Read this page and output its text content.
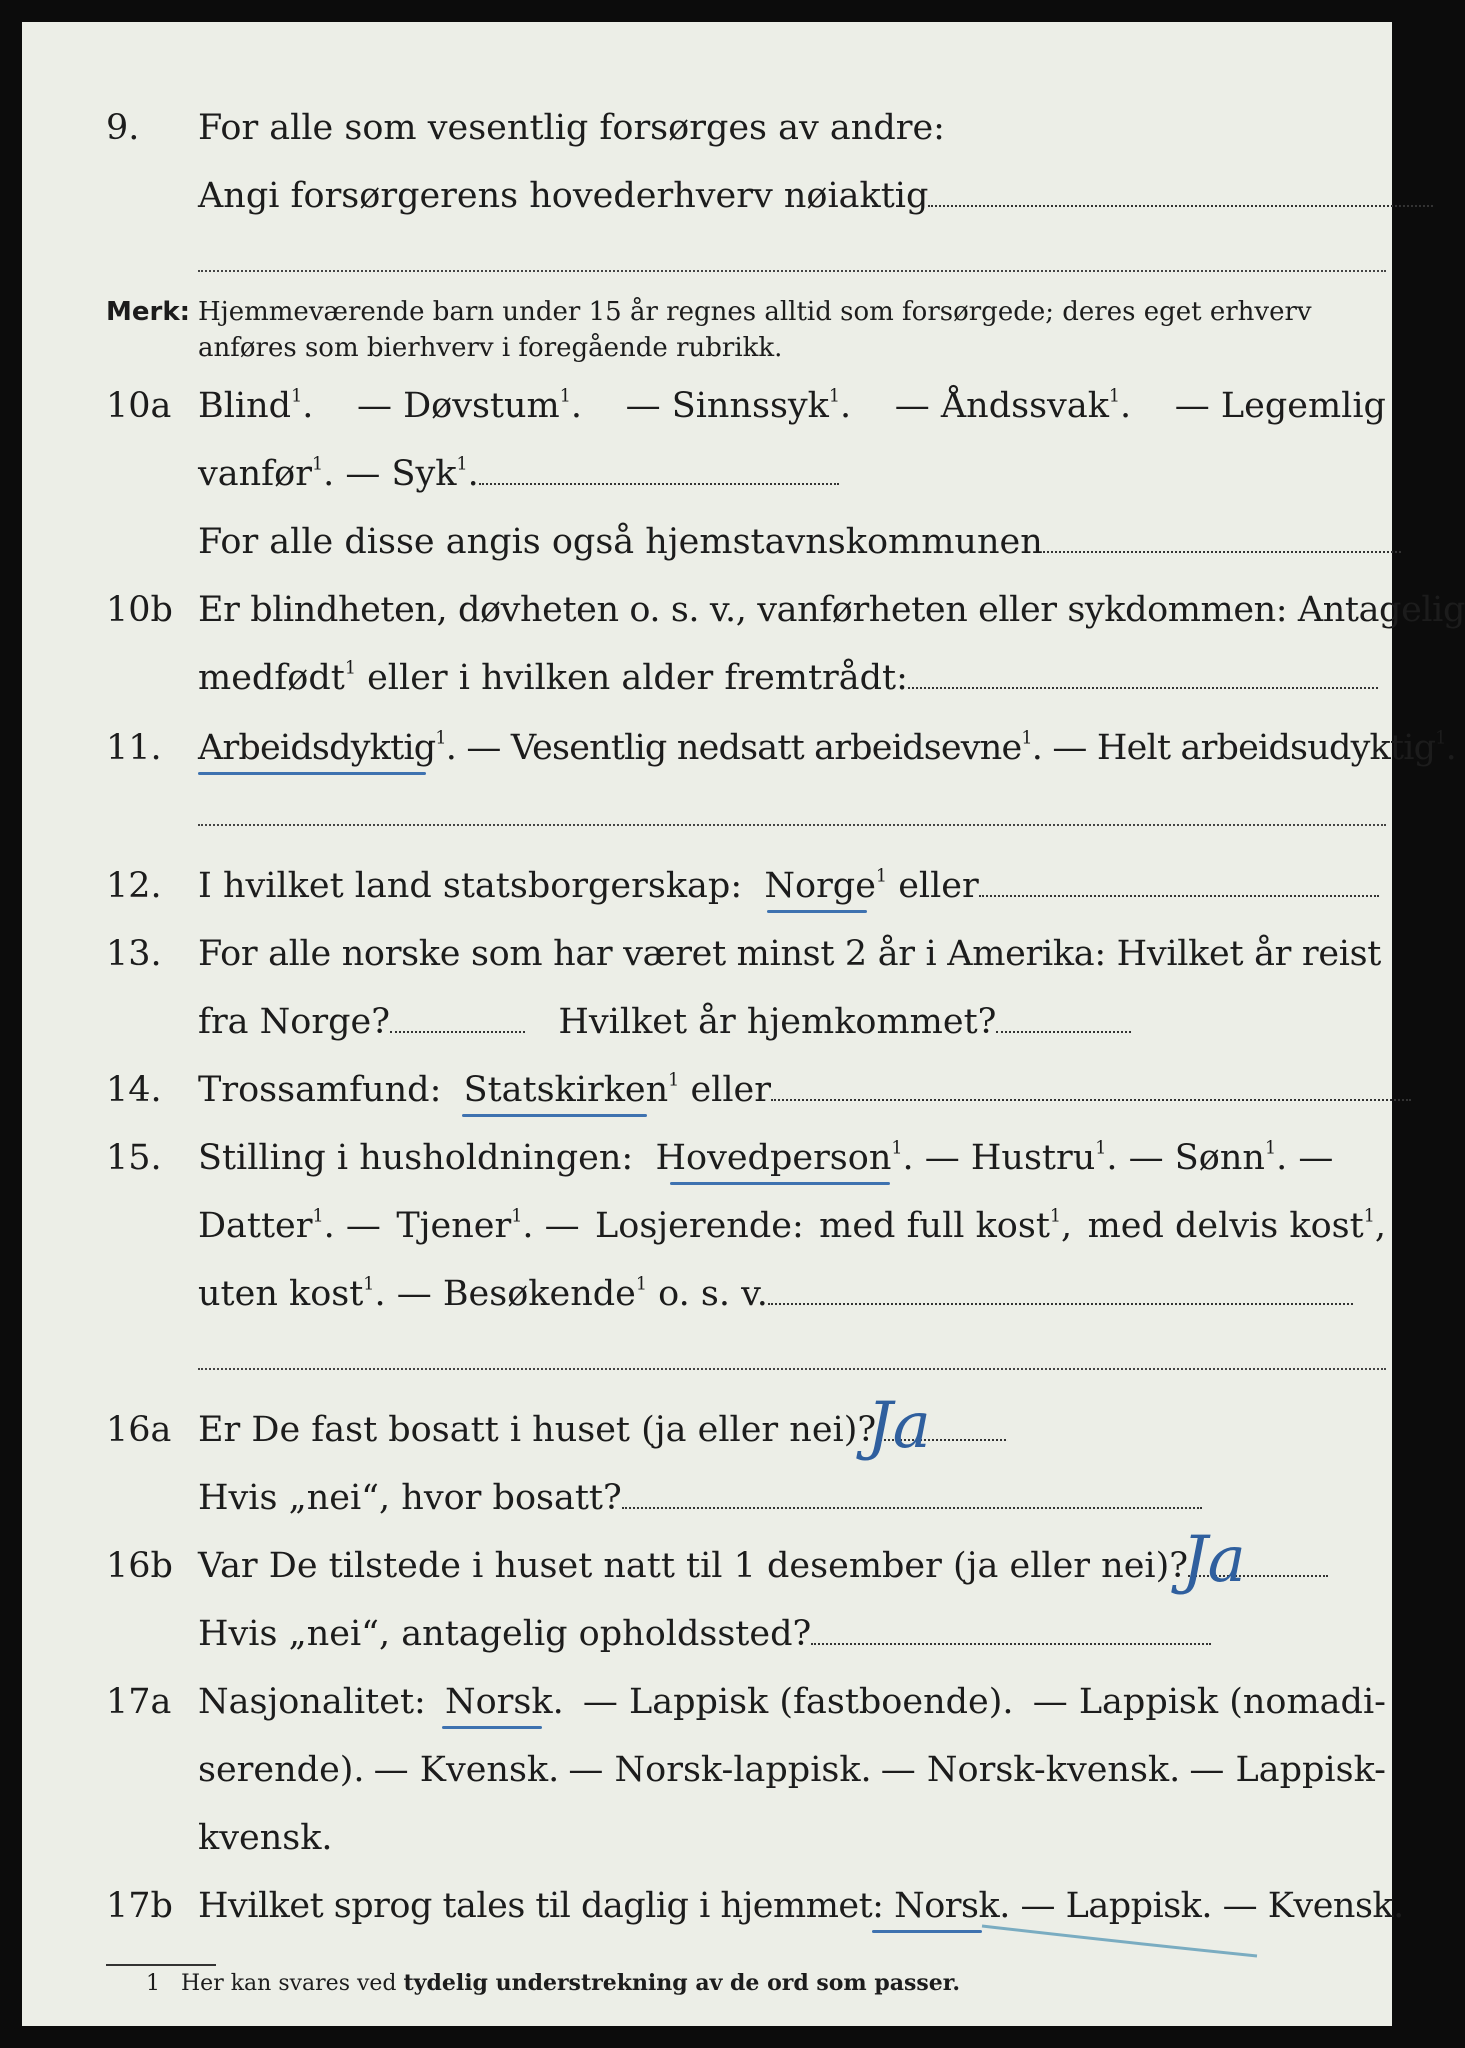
9. For alle som vesentlig forsørges av andre:
Angi forsørgerens hovederhverv nøiaktig
Merk: Hjemmeværende barn under 15 år regnes alltid som forsørgede; deres eget erhverv
anføres som bierhverv i foregående rubrikk.
10a Blind$^1$. — Døvstum$^1$. — Sinnssyk$^1$. — Åndssvak$^1$. — Legemlig
vanfør$^1$. — Syk$^1$.
For alle disse angis også hjemstavnskommunen
10b Er blindheten, døvheten o. s. v., vanførheten eller sykdommen: Antagelig
medfødt$^1$ eller i hvilken alder fremtrådt:
11. Arbeidsdyktig$^1$. — Vesentlig nedsatt arbeidsevne$^1$. — Helt arbeidsudyktig$^1$.
12. I hvilket land statsborgerskap: Norge$^1$ eller
13. For alle norske som har været minst 2 år i Amerika: Hvilket år reist
fra Norge?	Hvilket år hjemkommet?
14. Trossamfund: Statskirken$^1$ eller
15. Stilling i husholdningen: Hovedperson$^1$. — Hustru$^1$. — Sønn$^1$. —
Datter$^1$. — Tjener$^1$. — Losjerende: med full kost$^1$, med delvis kost$^1$,
uten kost$^1$. — Besøkende$^1$ o. s. v.
16a Er De fast bosatt i huset (ja eller nei)?
Ja
Hvis „nei“, hvor bosatt?
16b Var De tilstede i huset natt til 1 desember (ja eller nei)?
Ja
Hvis „nei“, antagelig opholdssted?
17a Nasjonalitet: Norsk. — Lappisk (fastboende). — Lappisk (nomadi-
serende). — Kvensk. — Norsk-lappisk. — Norsk-kvensk. — Lappisk-
kvensk.
17b Hvilket sprog tales til daglig i hjemmet: Norsk. — Lappisk. — Kvensk.
1 Her kan svares ved tydelig understrekning av de ord som passer.
